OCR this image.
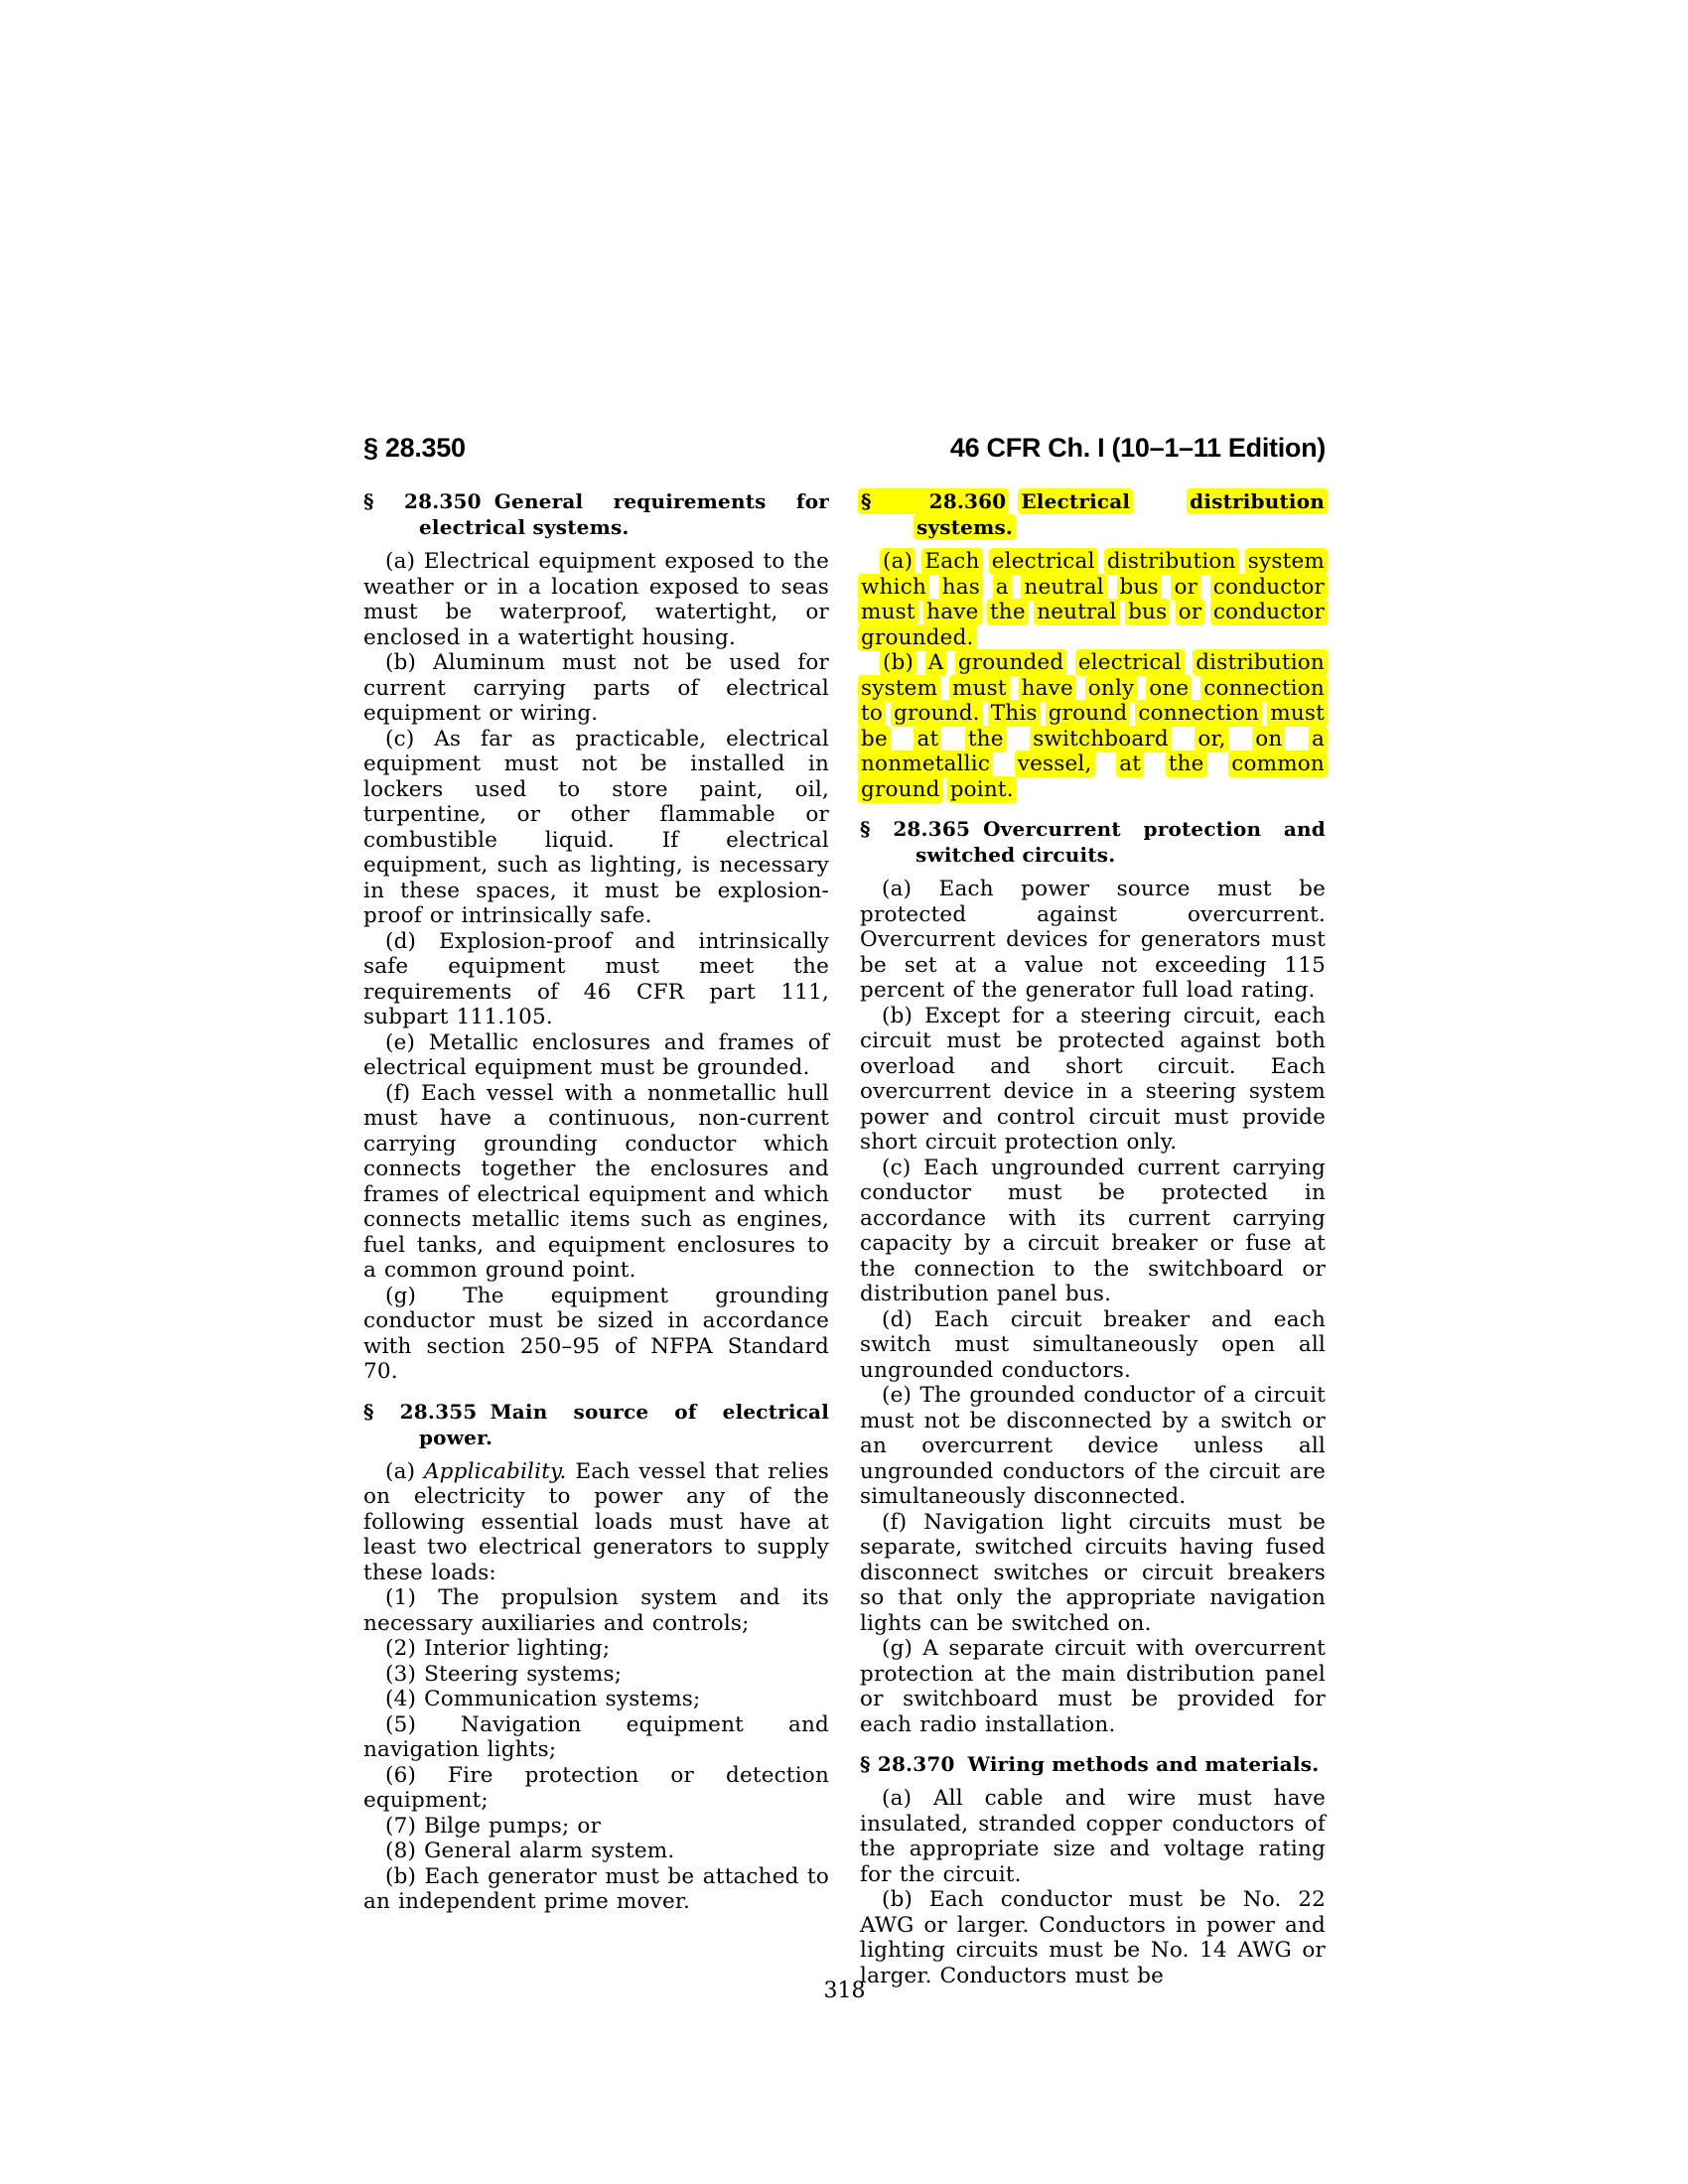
§ 28.350	46 CFR Ch. I (10–1–11 Edition)
§ 28.350 General requirements for electrical systems.

(a) Electrical equipment exposed to the weather or in a location exposed to seas must be waterproof, watertight, or enclosed in a watertight housing.

(b) Aluminum must not be used for current carrying parts of electrical equipment or wiring.

(c) As far as practicable, electrical equipment must not be installed in lockers used to store paint, oil, turpentine, or other flammable or combustible liquid. If electrical equipment, such as lighting, is necessary in these spaces, it must be explosion-proof or intrinsically safe.

(d) Explosion-proof and intrinsically safe equipment must meet the requirements of 46 CFR part 111, subpart 111.105.

(e) Metallic enclosures and frames of electrical equipment must be grounded.

(f) Each vessel with a nonmetallic hull must have a continuous, non-current carrying grounding conductor which connects together the enclosures and frames of electrical equipment and which connects metallic items such as engines, fuel tanks, and equipment enclosures to a common ground point.

(g) The equipment grounding conductor must be sized in accordance with section 250–95 of NFPA Standard 70.

§ 28.355 Main source of electrical power.

(a) Applicability. Each vessel that relies on electricity to power any of the following essential loads must have at least two electrical generators to supply these loads:

(1) The propulsion system and its necessary auxiliaries and controls;

(2) Interior lighting;

(3) Steering systems;

(4) Communication systems;

(5) Navigation equipment and navigation lights;

(6) Fire protection or detection equipment;

(7) Bilge pumps; or

(8) General alarm system.

(b) Each generator must be attached to an independent prime mover.

§ 28.360 Electrical	distribution systems.

(a) Each electrical distribution system which has a neutral bus or conductor must have the neutral bus or conductor grounded.

(b) A grounded electrical distribution system must have only one connection to ground. This ground connection must be at the switchboard or, on a nonmetallic vessel, at the common ground point.

§ 28.365 Overcurrent protection and switched circuits.

(a) Each power source must be protected against overcurrent. Overcurrent devices for generators must be set at a value not exceeding 115 percent of the generator full load rating.

(b) Except for a steering circuit, each circuit must be protected against both overload and short circuit. Each overcurrent device in a steering system power and control circuit must provide short circuit protection only.

(c) Each ungrounded current carrying conductor must be protected in accordance with its current carrying capacity by a circuit breaker or fuse at the connection to the switchboard or distribution panel bus.

(d) Each circuit breaker and each switch must simultaneously open all ungrounded conductors.

(e) The grounded conductor of a circuit must not be disconnected by a switch or an overcurrent device unless all ungrounded conductors of the circuit are simultaneously disconnected.

(f) Navigation light circuits must be separate, switched circuits having fused disconnect switches or circuit breakers so that only the appropriate navigation lights can be switched on.

(g) A separate circuit with overcurrent protection at the main distribution panel or switchboard must be provided for each radio installation.

§ 28.370 Wiring methods and materials.

(a) All cable and wire must have insulated, stranded copper conductors of the appropriate size and voltage rating for the circuit.

(b) Each conductor must be No. 22 AWG or larger. Conductors in power and lighting circuits must be No. 14 AWG or larger. Conductors must be

318
